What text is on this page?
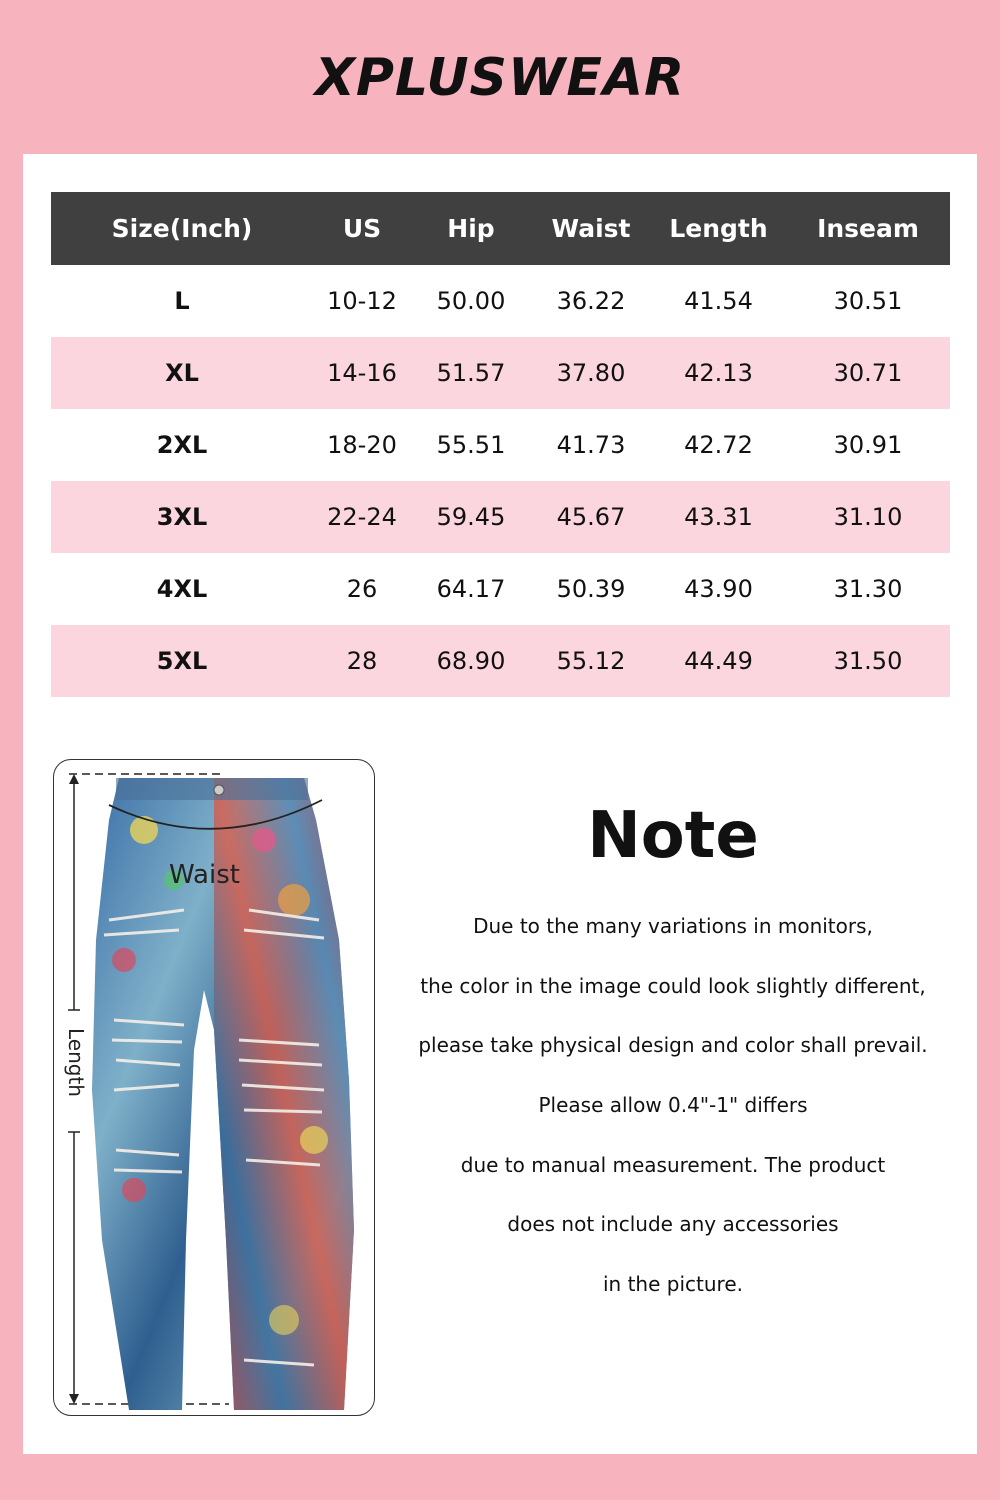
XPLUSWEAR
Size(Inch)	US	Hip	Waist	Length	Inseam
L	10-12	50.00	36.22	41.54	30.51
XL	14-16	51.57	37.80	42.13	30.71
2XL	18-20	55.51	41.73	42.72	30.91
3XL	22-24	59.45	45.67	43.31	31.10
4XL	26	64.17	50.39	43.90	31.30
5XL	28	68.90	55.12	44.49	31.50
Waist
Length
Note
Due to the many variations in monitors,
the color in the image could look slightly different,
please take physical design and color shall prevail.
Please allow 0.4"-1" differs
due to manual measurement. The product
does not include any accessories
in the picture.
